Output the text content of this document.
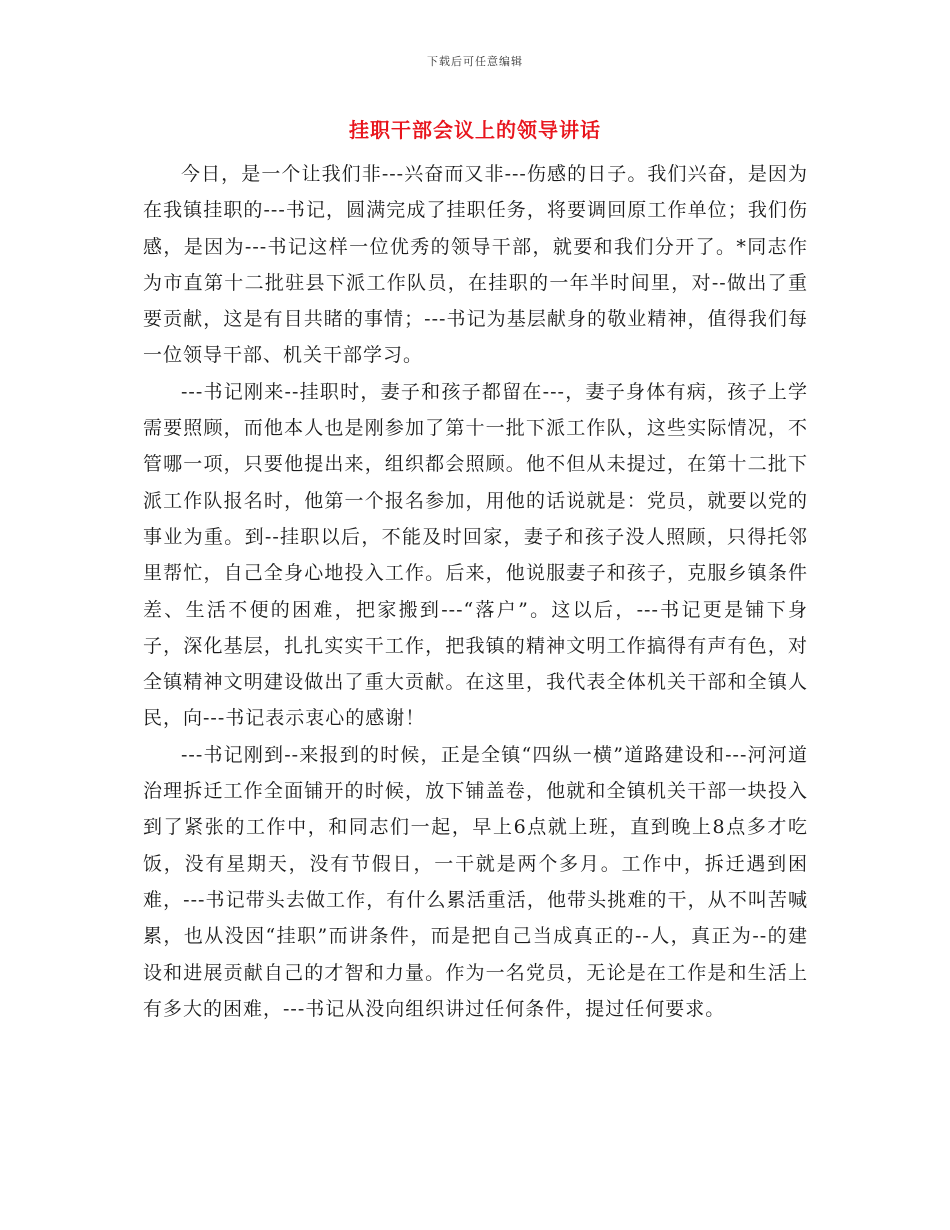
下载后可任意编辑
挂职干部会议上的领导讲话

今日，是一个让我们非---兴奋而又非---伤感的日子。我们兴奋，是因为在我镇挂职的---书记，圆满完成了挂职任务，将要调回原工作单位；我们伤感，是因为---书记这样一位优秀的领导干部，就要和我们分开了。*同志作为市直第十二批驻县下派工作队员，在挂职的一年半时间里，对--做出了重要贡献，这是有目共睹的事情；---书记为基层献身的敬业精神，值得我们每一位领导干部、机关干部学习。

---书记刚来--挂职时，妻子和孩子都留在---，妻子身体有病，孩子上学需要照顾，而他本人也是刚参加了第十一批下派工作队，这些实际情况，不管哪一项，只要他提出来，组织都会照顾。他不但从未提过，在第十二批下派工作队报名时，他第一个报名参加，用他的话说就是：党员，就要以党的事业为重。到--挂职以后，不能及时回家，妻子和孩子没人照顾，只得托邻里帮忙，自己全身心地投入工作。后来，他说服妻子和孩子，克服乡镇条件差、生活不便的困难，把家搬到---“落户”。这以后，---书记更是铺下身子，深化基层，扎扎实实干工作，把我镇的精神文明工作搞得有声有色，对全镇精神文明建设做出了重大贡献。在这里，我代表全体机关干部和全镇人民，向---书记表示衷心的感谢！

---书记刚到--来报到的时候，正是全镇“四纵一横”道路建设和---河河道治理拆迁工作全面铺开的时候，放下铺盖卷，他就和全镇机关干部一块投入到了紧张的工作中，和同志们一起，早上6点就上班，直到晚上8点多才吃饭，没有星期天，没有节假日，一干就是两个多月。工作中，拆迁遇到困难，---书记带头去做工作，有什么累活重活，他带头挑难的干，从不叫苦喊累，也从没因“挂职”而讲条件，而是把自己当成真正的--人，真正为--的建设和进展贡献自己的才智和力量。作为一名党员，无论是在工作是和生活上有多大的困难，---书记从没向组织讲过任何条件，提过任何要求。
